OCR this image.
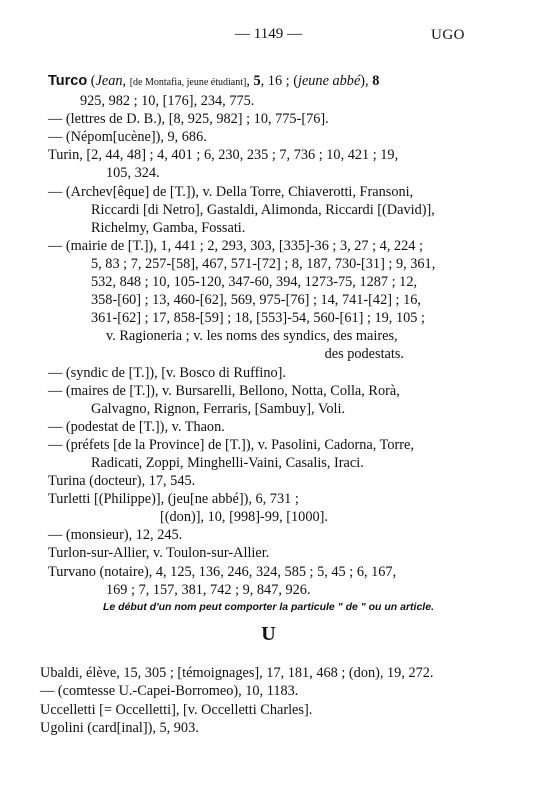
— 1149 —	UGO
Turco (Jean, [de Montafia, jeune étudiant], 5, 16 ; (jeune abbé), 8
925, 982 ; 10, [176], 234, 775.
— (lettres de D. B.), [8, 925, 982] ; 10, 775-[76].
— (Népom[ucène]), 9, 686.
Turin, [2, 44, 48] ; 4, 401 ; 6, 230, 235 ; 7, 736 ; 10, 421 ; 19,
105, 324.
— (Archev[êque] de [T.]), v. Della Torre, Chiaverotti, Fransoni,
Riccardi [di Netro], Gastaldi, Alimonda, Riccardi [(David)],
Richelmy, Gamba, Fossati.
— (mairie de [T.]), 1, 441 ; 2, 293, 303, [335]-36 ; 3, 27 ; 4, 224 ;
5, 83 ; 7, 257-[58], 467, 571-[72] ; 8, 187, 730-[31] ; 9, 361,
532, 848 ; 10, 105-120, 347-60, 394, 1273-75, 1287 ; 12,
358-[60] ; 13, 460-[62], 569, 975-[76] ; 14, 741-[42] ; 16,
361-[62] ; 17, 858-[59] ; 18, [553]-54, 560-[61] ; 19, 105 ;
v. Ragioneria ; v. les noms des syndics, des maires,
des podestats.
— (syndic de [T.]), [v. Bosco di Ruffino].
— (maires de [T.]), v. Bursarelli, Bellono, Notta, Colla, Rorà,
Galvagno, Rignon, Ferraris, [Sambuy], Voli.
— (podestat de [T.]), v. Thaon.
— (préfets [de la Province] de [T.]), v. Pasolini, Cadorna, Torre,
Radicati, Zoppi, Minghelli-Vaini, Casalis, Iraci.
Turina (docteur), 17, 545.
Turletti [(Philippe)], (jeu[ne abbé]), 6, 731 ;
[(don)], 10, [998]-99, [1000].
— (monsieur), 12, 245.
Turlon-sur-Allier, v. Toulon-sur-Allier.
Turvano (notaire), 4, 125, 136, 246, 324, 585 ; 5, 45 ; 6, 167,
169 ; 7, 157, 381, 742 ; 9, 847, 926.
Le début d'un nom peut comporter la particule " de " ou un article.
U
Ubaldi, élève, 15, 305 ; [témoignages], 17, 181, 468 ; (don), 19, 272.
— (comtesse U.-Capei-Borromeo), 10, 1183.
Uccelletti [= Occelletti], [v. Occelletti Charles].
Ugolini (card[inal]), 5, 903.
